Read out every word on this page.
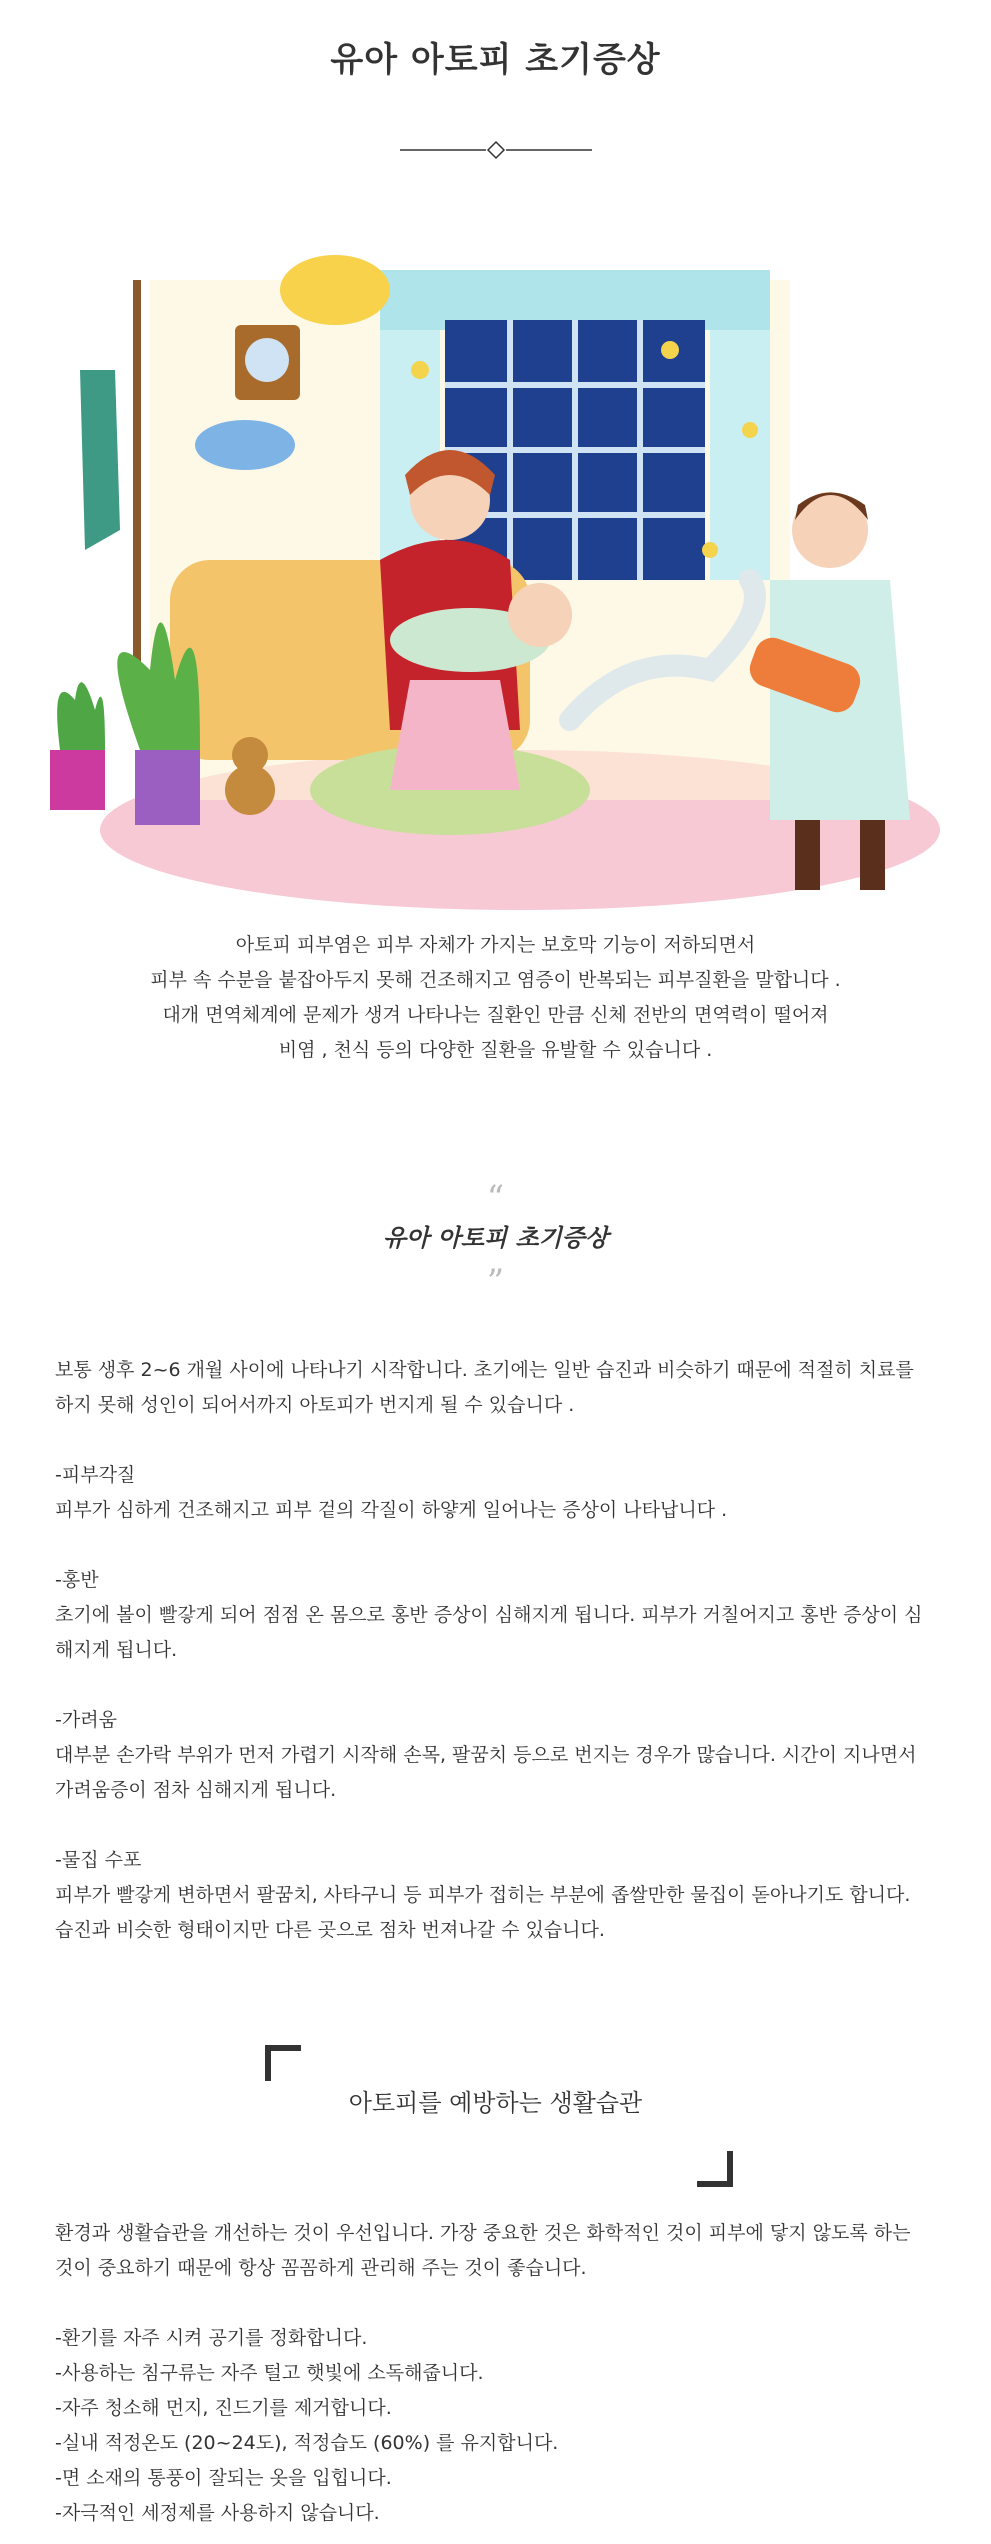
유아 아토피 초기증상

아토피 피부염은 피부 자체가 가지는 보호막 기능이 저하되면서

피부 속 수분을 붙잡아두지 못해 건조해지고 염증이 반복되는 피부질환을 말합니다 .

대개 면역체계에 문제가 생겨 나타나는 질환인 만큼 신체 전반의 면역력이 떨어져

비염 , 천식 등의 다양한 질환을 유발할 수 있습니다 .

“
유아 아토피 초기증상
”

보통 생후 2~6 개월 사이에 나타나기 시작합니다. 초기에는 일반 습진과 비슷하기 때문에 적절히 치료를

하지 못해 성인이 되어서까지 아토피가 번지게 될 수 있습니다 .

-피부각질

피부가 심하게 건조해지고 피부 겉의 각질이 하얗게 일어나는 증상이 나타납니다 .

-홍반

초기에 볼이 빨갛게 되어 점점 온 몸으로 홍반 증상이 심해지게 됩니다. 피부가 거칠어지고 홍반 증상이 심

해지게 됩니다.

-가려움

대부분 손가락 부위가 먼저 가렵기 시작해 손목, 팔꿈치 등으로 번지는 경우가 많습니다. 시간이 지나면서

가려움증이 점차 심해지게 됩니다.

-물집 수포

피부가 빨갛게 변하면서 팔꿈치, 사타구니 등 피부가 접히는 부분에 좁쌀만한 물집이 돋아나기도 합니다.

습진과 비슷한 형태이지만 다른 곳으로 점차 번져나갈 수 있습니다.

아토피를 예방하는 생활습관

환경과 생활습관을 개선하는 것이 우선입니다. 가장 중요한 것은 화학적인 것이 피부에 닿지 않도록 하는

것이 중요하기 때문에 항상 꼼꼼하게 관리해 주는 것이 좋습니다.

-환기를 자주 시켜 공기를 정화합니다.

-사용하는 침구류는 자주 털고 햇빛에 소독해줍니다.

-자주 청소해 먼지, 진드기를 제거합니다.

-실내 적정온도 (20~24도), 적정습도 (60%) 를 유지합니다.

-면 소재의 통풍이 잘되는 옷을 입힙니다.

-자극적인 세정제를 사용하지 않습니다.
